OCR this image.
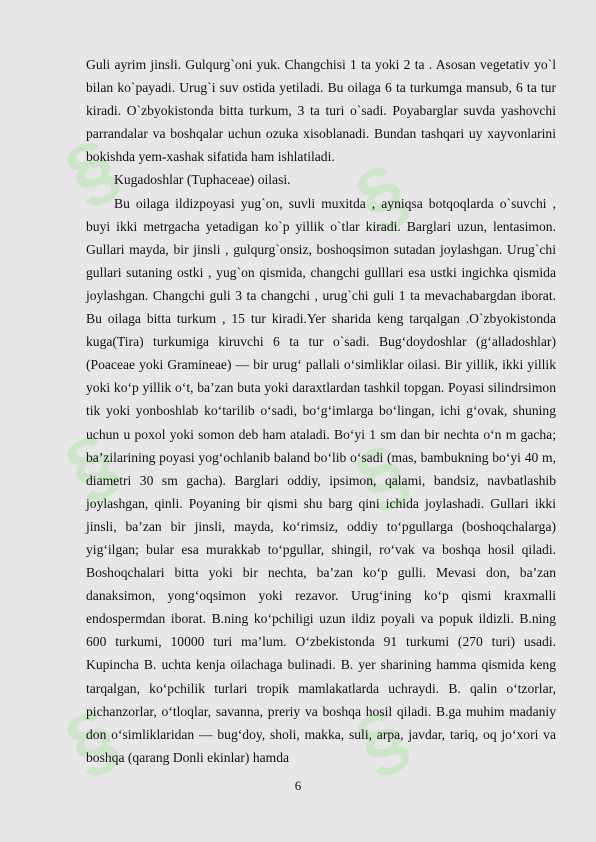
§	§
§	§
§	§

Guli ayrim jinsli. Gulqurg`oni yuk. Changchisi 1 ta yoki 2 ta . Asosan vegetativ yo`l bilan ko`payadi. Urug`i suv ostida yetiladi. Bu oilaga 6 ta turkumga mansub, 6 ta tur kiradi. O`zbyokistonda bitta turkum, 3 ta turi o`sadi. Poyabarglar suvda yashovchi parrandalar va boshqalar uchun ozuka xisoblanadi. Bundan tashqari uy xayvonlarini bokishda yem-xashak sifatida ham ishlatiladi.

Kugadoshlar (Tuphaceae) oilasi.

Bu oilaga ildizpoyasi yug`on, suvli muxitda , ayniqsa botqoqlarda o`suvchi , buyi ikki metrgacha yetadigan ko`p yillik o`tlar kiradi. Barglari uzun, lentasimon. Gullari mayda, bir jinsli , gulqurg`onsiz, boshoqsimon sutadan joylashgan. Urug`chi gullari sutaning ostki , yug`on qismida, changchi gulllari esa ustki ingichka qismida joylashgan. Changchi guli 3 ta changchi , urug`chi guli 1 ta mevachabargdan iborat. Bu oilaga bitta turkum , 15 tur kiradi.Yer sharida keng tarqalgan .O`zbyokistonda kuga(Tira) turkumiga kiruvchi 6 ta tur o`sadi. Bug‘doydoshlar (g‘alladoshlar) (Poaceae yoki Gramineae) — bir urug‘ pallali o‘simliklar oilasi. Bir yillik, ikki yillik yoki ko‘p yillik o‘t, ba’zan buta yoki daraxtlardan tashkil topgan. Poyasi silindrsimon tik yoki yonboshlab ko‘tarilib o‘sadi, bo‘g‘imlarga bo‘lingan, ichi g‘ovak, shuning uchun u poxol yoki somon deb ham ataladi. Bo‘yi 1 sm dan bir nechta o‘n m gacha; ba’zilarining poyasi yog‘ochlanib baland bo‘lib o‘sadi (mas, bambukning bo‘yi 40 m, diametri 30 sm gacha). Barglari oddiy, ipsimon, qalami, bandsiz, navbatlashib joylashgan, qinli. Poyaning bir qismi shu barg qini ichida joylashadi. Gullari ikki jinsli, ba’zan bir jinsli, mayda, ko‘rimsiz, oddiy to‘pgullarga (boshoqchalarga) yig‘ilgan; bular esa murakkab to‘pgullar, shingil, ro‘vak va boshqa hosil qiladi. Boshoqchalari bitta yoki bir nechta, ba’zan ko‘p gulli. Mevasi don, ba’zan danaksimon, yong‘oqsimon yoki rezavor. Urug‘ining ko‘p qismi kraxmalli endospermdan iborat. B.ning ko‘pchiligi uzun ildiz poyali va popuk ildizli. B.ning 600 turkumi, 10000 turi ma’lum. O‘zbekistonda 91 turkumi (270 turi) usadi. Kupincha B. uchta kenja oilachaga bulinadi. B. yer sharining hamma qismida keng tarqalgan, ko‘pchilik turlari tropik mamlakatlarda uchraydi. B. qalin o‘tzorlar, pichanzorlar, o‘tloqlar, savanna, preriy va boshqa hosil qiladi. B.ga muhim madaniy don o‘simliklaridan — bug‘doy, sholi, makka, suli, arpa, javdar, tariq, oq jo‘xori va boshqa (qarang Donli ekinlar) hamda

6
